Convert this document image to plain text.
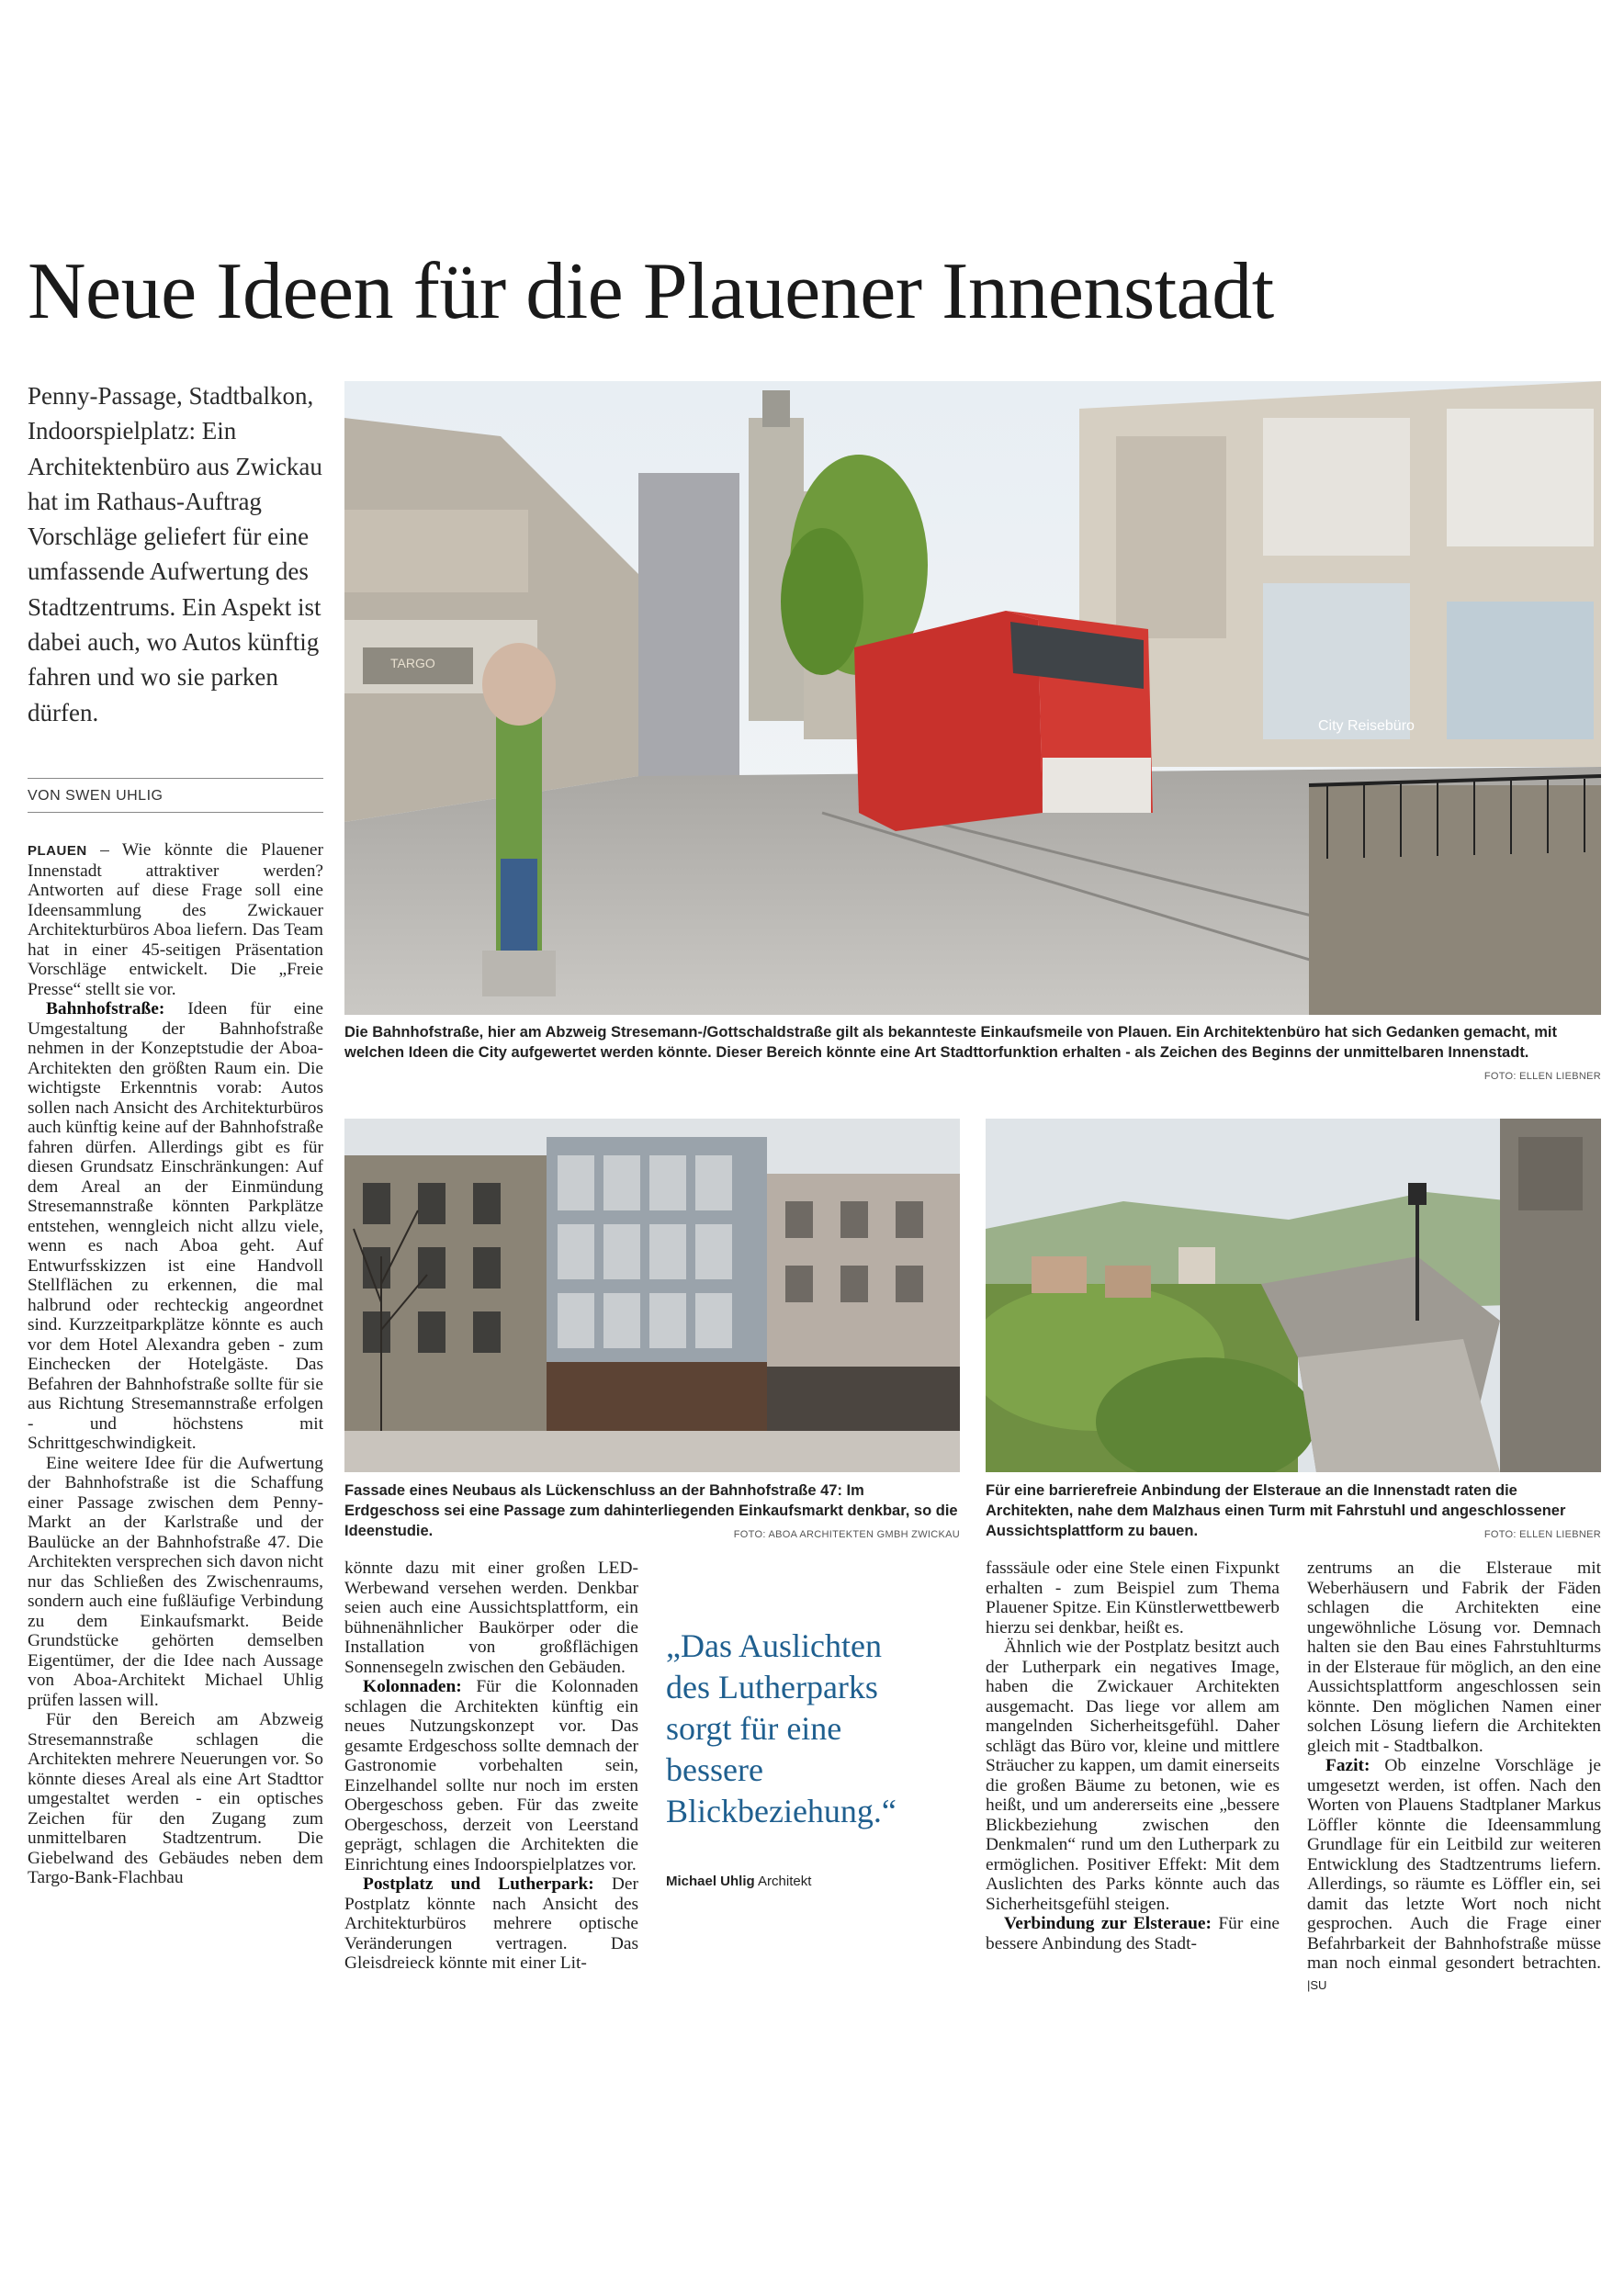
Neue Ideen für die Plauener Innenstadt
Penny-Passage, Stadtbalkon, Indoorspielplatz: Ein Architektenbüro aus Zwickau hat im Rathaus-Auftrag Vorschläge geliefert für eine umfassende Aufwertung des Stadtzentrums. Ein Aspekt ist dabei auch, wo Autos künftig fahren und wo sie parken dürfen.
VON SWEN UHLIG

PLAUEN – Wie könnte die Plauener Innenstadt attraktiver werden? Antworten auf diese Frage soll eine Ideensammlung des Zwickauer Architekturbüros Aboa liefern. Das Team hat in einer 45-seitigen Präsentation Vorschläge entwickelt. Die „Freie Presse“ stellt sie vor.

Bahnhofstraße: Ideen für eine Umgestaltung der Bahnhofstraße nehmen in der Konzeptstudie der Aboa-Architekten den größten Raum ein. Die wichtigste Erkenntnis vorab: Autos sollen nach Ansicht des Architekturbüros auch künftig keine auf der Bahnhofstraße fahren dürfen. Allerdings gibt es für diesen Grundsatz Einschränkungen: Auf dem Areal an der Einmündung Stresemannstraße könnten Parkplätze entstehen, wenngleich nicht allzu viele, wenn es nach Aboa geht. Auf Entwurfsskizzen ist eine Handvoll Stellflächen zu erkennen, die mal halbrund oder rechteckig angeordnet sind. Kurzzeitparkplätze könnte es auch vor dem Hotel Alexandra geben - zum Einchecken der Hotelgäste. Das Befahren der Bahnhofstraße sollte für sie aus Richtung Stresemannstraße erfolgen - und höchstens mit Schrittgeschwindigkeit.

Eine weitere Idee für die Aufwertung der Bahnhofstraße ist die Schaffung einer Passage zwischen dem Penny-Markt an der Karlstraße und der Baulücke an der Bahnhofstraße 47. Die Architekten versprechen sich davon nicht nur das Schließen des Zwischenraums, sondern auch eine fußläufige Verbindung zu dem Einkaufsmarkt. Beide Grundstücke gehörten demselben Eigentümer, der die Idee nach Aussage von Aboa-Architekt Michael Uhlig prüfen lassen will.

Für den Bereich am Abzweig Stresemannstraße schlagen die Architekten mehrere Neuerungen vor. So könnte dieses Areal als eine Art Stadttor umgestaltet werden - ein optisches Zeichen für den Zugang zum unmittelbaren Stadtzentrum. Die Giebelwand des Gebäudes neben dem Targo-Bank-Flachbau

City Reisebüro
TARGO
Die Bahnhofstraße, hier am Abzweig Stresemann-/Gottschaldstraße gilt als bekannteste Einkaufsmeile von Plauen. Ein Architektenbüro hat sich Gedanken gemacht, mit welchen Ideen die City aufgewertet werden könnte. Dieser Bereich könnte eine Art Stadttorfunktion erhalten - als Zeichen des Beginns der unmittelbaren Innenstadt.
FOTO: ELLEN LIEBNER
Fassade eines Neubaus als Lückenschluss an der Bahnhofstraße 47: Im Erdgeschoss sei eine Passage zum dahinterliegenden Einkaufsmarkt denkbar, so die Ideenstudie.	FOTO: ABOA ARCHITEKTEN GMBH ZWICKAU
Für eine barrierefreie Anbindung der Elsteraue an die Innenstadt raten die Architekten, nahe dem Malzhaus einen Turm mit Fahrstuhl und angeschlossener Aussichtsplattform zu bauen.	FOTO: ELLEN LIEBNER

könnte dazu mit einer großen LED-Werbewand versehen werden. Denkbar seien auch eine Aussichtsplattform, ein bühnenähnlicher Baukörper oder die Installation von großflächigen Sonnensegeln zwischen den Gebäuden.

Kolonnaden: Für die Kolonnaden schlagen die Architekten künftig ein neues Nutzungskonzept vor. Das gesamte Erdgeschoss sollte demnach der Gastronomie vorbehalten sein, Einzelhandel sollte nur noch im ersten Obergeschoss geben. Für das zweite Obergeschoss, derzeit von Leerstand geprägt, schlagen die Architekten die Einrichtung eines Indoorspielplatzes vor.

Postplatz und Lutherpark: Der Postplatz könnte nach Ansicht des Architekturbüros mehrere optische Veränderungen vertragen. Das Gleisdreieck könnte mit einer Lit-

„Das Auslichten des Lutherparks sorgt für eine bessere Blickbeziehung.“
Michael Uhlig Architekt

fasssäule oder eine Stele einen Fixpunkt erhalten - zum Beispiel zum Thema Plauener Spitze. Ein Künstlerwettbewerb hierzu sei denkbar, heißt es.

Ähnlich wie der Postplatz besitzt auch der Lutherpark ein negatives Image, haben die Zwickauer Architekten ausgemacht. Das liege vor allem am mangelnden Sicherheitsgefühl. Daher schlägt das Büro vor, kleine und mittlere Sträucher zu kappen, um damit einerseits die großen Bäume zu betonen, wie es heißt, und um andererseits eine „bessere Blickbeziehung zwischen den Denkmalen“ rund um den Lutherpark zu ermöglichen. Positiver Effekt: Mit dem Auslichten des Parks könnte auch das Sicherheitsgefühl steigen.

Verbindung zur Elsteraue: Für eine bessere Anbindung des Stadt-

zentrums an die Elsteraue mit Weberhäusern und Fabrik der Fäden schlagen die Architekten eine ungewöhnliche Lösung vor. Demnach halten sie den Bau eines Fahrstuhlturms in der Elsteraue für möglich, an den eine Aussichtsplattform angeschlossen sein könnte. Den möglichen Namen einer solchen Lösung liefern die Architekten gleich mit - Stadtbalkon.

Fazit: Ob einzelne Vorschläge je umgesetzt werden, ist offen. Nach den Worten von Plauens Stadtplaner Markus Löffler könnte die Ideensammlung Grundlage für ein Leitbild zur weiteren Entwicklung des Stadtzentrums liefern. Allerdings, so räumte es Löffler ein, sei damit das letzte Wort noch nicht gesprochen. Auch die Frage einer Befahrbarkeit der Bahnhofstraße müsse man noch einmal gesondert betrachten. |SU
